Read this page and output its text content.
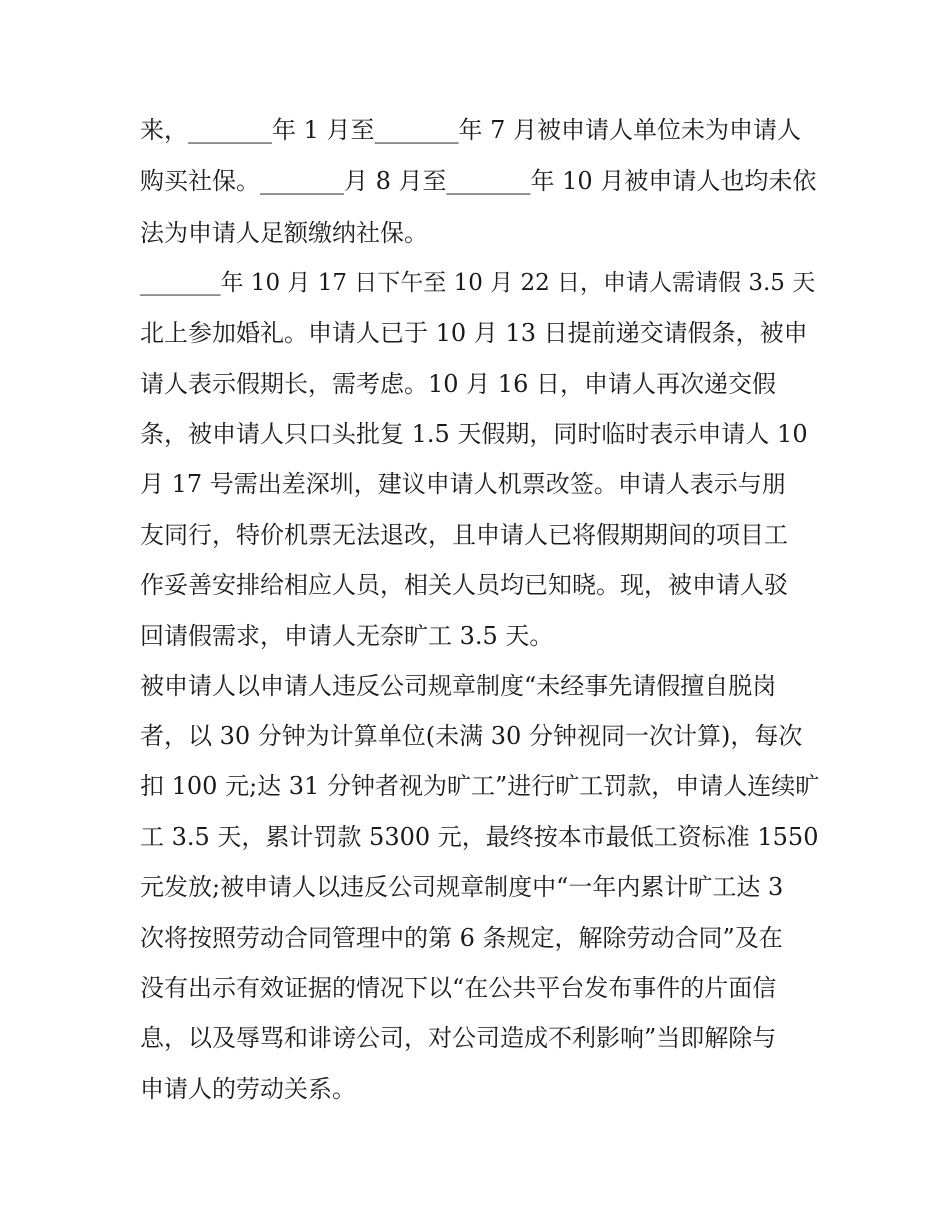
来，_______年 1 月至_______年 7 月被申请人单位未为申请人
购买社保。_______月 8 月至_______年 10 月被申请人也均未依
法为申请人足额缴纳社保。
_______年 10 月 17 日下午至 10 月 22 日，申请人需请假 3.5 天
北上参加婚礼。申请人已于 10 月 13 日提前递交请假条，被申
请人表示假期长，需考虑。10 月 16 日，申请人再次递交假
条，被申请人只口头批复 1.5 天假期，同时临时表示申请人 10
月 17 号需出差深圳，建议申请人机票改签。申请人表示与朋
友同行，特价机票无法退改，且申请人已将假期期间的项目工
作妥善安排给相应人员，相关人员均已知晓。现，被申请人驳
回请假需求，申请人无奈旷工 3.5 天。
被申请人以申请人违反公司规章制度“未经事先请假擅自脱岗
者，以 30 分钟为计算单位(未满 30 分钟视同一次计算)，每次
扣 100 元;达 31 分钟者视为旷工”进行旷工罚款，申请人连续旷
工 3.5 天，累计罚款 5300 元，最终按本市最低工资标准 1550
元发放;被申请人以违反公司规章制度中“一年内累计旷工达 3
次将按照劳动合同管理中的第 6 条规定，解除劳动合同”及在
没有出示有效证据的情况下以“在公共平台发布事件的片面信
息，以及辱骂和诽谤公司，对公司造成不利影响”当即解除与
申请人的劳动关系。
